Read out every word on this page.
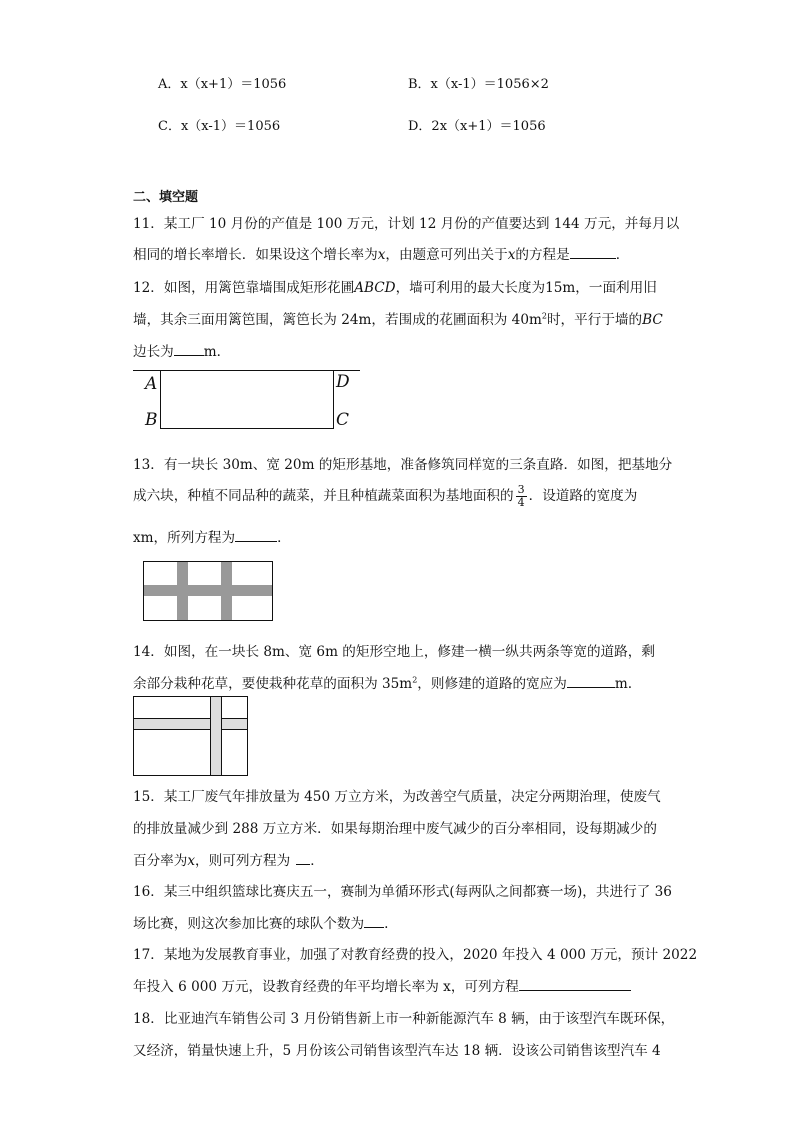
A．x（x+1）＝1056	B．x（x-1）＝1056×2
C．x（x-1）＝1056	D．2x（x+1）＝1056
二、填空题
11．某工厂 10 月份的产值是 100 万元，计划 12 月份的产值要达到 144 万元，并每月以
相同的增长率增长．如果设这个增长率为x，由题意可列出关于x的方程是	．
12．如图，用篱笆靠墙围成矩形花圃ABCD，墙可利用的最大长度为15m，一面利用旧
墙，其余三面用篱笆围，篱笆长为 24m，若围成的花圃面积为 $40m^2$时，平行于墙的BC
边长为 m．
A
B
D
C
13．有一块长 30m、宽 20m 的矩形基地，准备修筑同样宽的三条直路．如图，把基地分
成六块，种植不同品种的蔬菜，并且种植蔬菜面积为基地面积的 $\frac{3}{4}$ ．设道路的宽度为
xm，所列方程为	．
14．如图，在一块长 8m、宽 6m 的矩形空地上，修建一横一纵共两条等宽的道路，剩
余部分栽种花草，要使栽种花草的面积为 $35m^2$，则修建的道路的宽应为	m.
15．某工厂废气年排放量为 450 万立方米，为改善空气质量，决定分两期治理，使废气
的排放量减少到 288 万立方米．如果每期治理中废气减少的百分率相同，设每期减少的
百分率为x，则可列方程为 ．
16．某三中组织篮球比赛庆五一，赛制为单循环形式(每两队之间都赛一场)，共进行了 36
场比赛，则这次参加比赛的球队个数为 .
17．某地为发展教育事业，加强了对教育经费的投入，2020 年投入 4 000 万元，预计 2022
年投入 6 000 万元，设教育经费的年平均增长率为 x，可列方程
18．比亚迪汽车销售公司 3 月份销售新上市一种新能源汽车 8 辆，由于该型汽车既环保，
又经济，销量快速上升，5 月份该公司销售该型汽车达 18 辆．设该公司销售该型汽车 4
